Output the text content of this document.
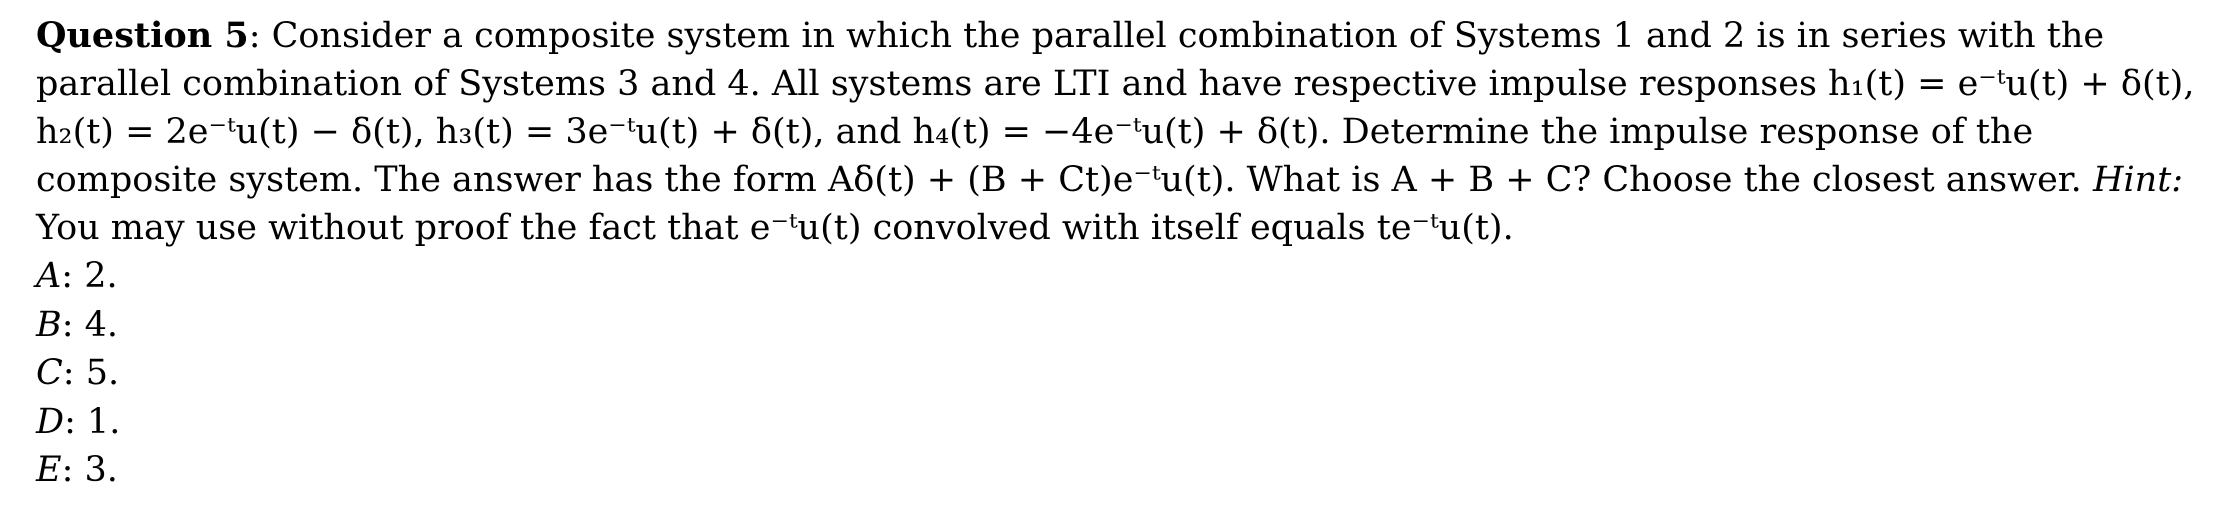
Question 5: Consider a composite system in which the parallel combination of Systems 1 and 2 is in series with the parallel combination of Systems 3 and 4. All systems are LTI and have respective impulse responses h₁(t) = e⁻ᵗu(t) + δ(t), h₂(t) = 2e⁻ᵗu(t) − δ(t), h₃(t) = 3e⁻ᵗu(t) + δ(t), and h₄(t) = −4e⁻ᵗu(t) + δ(t). Determine the impulse response of the composite system. The answer has the form Aδ(t) + (B + Ct)e⁻ᵗu(t). What is A + B + C? Choose the closest answer. Hint: You may use without proof the fact that e⁻ᵗu(t) convolved with itself equals te⁻ᵗu(t).
A: 2.
B: 4.
C: 5.
D: 1.
E: 3.
